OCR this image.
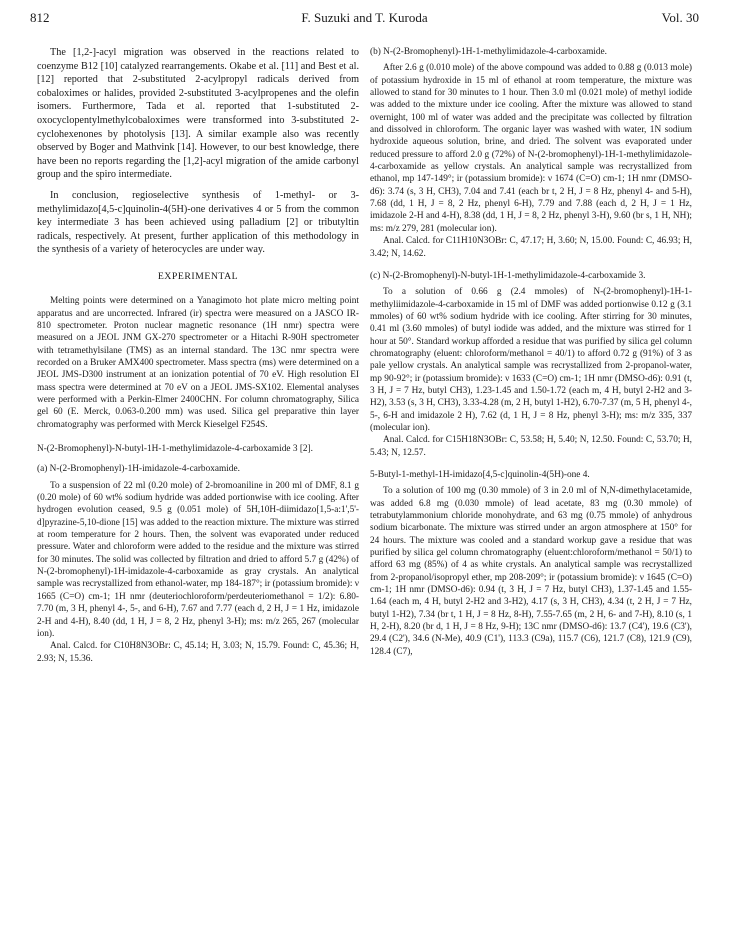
812	F. Suzuki and T. Kuroda	Vol. 30

The [1,2-]-acyl migration was observed in the reactions related to coenzyme B12 [10] catalyzed rearrangements. Okabe et al. [11] and Best et al. [12] reported that 2-substituted 2-acylpropyl radicals derived from cobaloximes or halides, provided 2-substituted 3-acylpropenes and the olefin isomers. Furthermore, Tada et al. reported that 1-substituted 2-oxocyclopentylmethylcobaloximes were transformed into 3-substituted 2-cyclohexenones by photolysis [13]. A similar example also was recently observed by Boger and Mathvink [14]. However, to our best knowledge, there have been no reports regarding the [1,2]-acyl migration of the amide carbonyl group and the spiro intermediate.

In conclusion, regioselective synthesis of 1-methyl- or 3-methylimidazo[4,5-c]quinolin-4(5H)-one derivatives 4 or 5 from the common key intermediate 3 has been achieved using palladium [2] or tributyltin radicals, respectively. At present, further application of this methodology in the synthesis of a variety of heterocycles are under way.

EXPERIMENTAL

Melting points were determined on a Yanagimoto hot plate micro melting point apparatus and are uncorrected. Infrared (ir) spectra were measured on a JASCO IR-810 spectrometer. Proton nuclear magnetic resonance (1H nmr) spectra were measured on a JEOL JNM GX-270 spectrometer or a Hitachi R-90H spectrometer with tetramethylsilane (TMS) as an internal standard. The 13C nmr spectra were recorded on a Bruker AMX400 spectrometer. Mass spectra (ms) were determined on a JEOL JMS-D300 instrument at an ionization potential of 70 eV. High resolution EI mass spectra were determined at 70 eV on a JEOL JMS-SX102. Elemental analyses were performed with a Perkin-Elmer 2400CHN. For column chromatography, Silica gel 60 (E. Merck, 0.063-0.200 mm) was used. Silica gel preparative thin layer chromatography was performed with Merck Kieselgel F254S.

N-(2-Bromophenyl)-N-butyl-1H-1-methylimidazole-4-carboxamide 3 [2].

(a) N-(2-Bromophenyl)-1H-imidazole-4-carboxamide.

To a suspension of 22 ml (0.20 mole) of 2-bromoaniline in 200 ml of DMF, 8.1 g (0.20 mole) of 60 wt% sodium hydride was added portionwise with ice cooling. After hydrogen evolution ceased, 9.5 g (0.051 mole) of 5H,10H-diimidazo[1,5-a:1',5'-d]pyrazine-5,10-dione [15] was added to the reaction mixture. The mixture was stirred at room temperature for 2 hours. Then, the solvent was evaporated under reduced pressure. Water and chloroform were added to the residue and the mixture was stirred for 30 minutes. The solid was collected by filtration and dried to afford 5.7 g (42%) of N-(2-bromophenyl)-1H-imidazole-4-carboxamide as gray crystals. An analytical sample was recrystallized from ethanol-water, mp 184-187°; ir (potassium bromide): ν 1665 (C=O) cm-1; 1H nmr (deuteriochloroform/perdeuteriomethanol = 1/2): 6.80-7.70 (m, 3 H, phenyl 4-, 5-, and 6-H), 7.67 and 7.77 (each d, 2 H, J = 1 Hz, imidazole 2-H and 4-H), 8.40 (dd, 1 H, J = 8, 2 Hz, phenyl 3-H); ms: m/z 265, 267 (molecular ion).

Anal. Calcd. for C10H8N3OBr: C, 45.14; H, 3.03; N, 15.79. Found: C, 45.36; H, 2.93; N, 15.36.

(b) N-(2-Bromophenyl)-1H-1-methylimidazole-4-carboxamide.

After 2.6 g (0.010 mole) of the above compound was added to 0.88 g (0.013 mole) of potassium hydroxide in 15 ml of ethanol at room temperature, the mixture was allowed to stand for 30 minutes to 1 hour. Then 3.0 ml (0.021 mole) of methyl iodide was added to the mixture under ice cooling. After the mixture was allowed to stand overnight, 100 ml of water was added and the precipitate was collected by filtration and dissolved in chloroform. The organic layer was washed with water, 1N sodium hydroxide aqueous solution, brine, and dried. The solvent was evaporated under reduced pressure to afford 2.0 g (72%) of N-(2-bromophenyl)-1H-1-methylimidazole-4-carboxamide as yellow crystals. An analytical sample was recrystallized from ethanol, mp 147-149°; ir (potassium bromide): ν 1674 (C=O) cm-1; 1H nmr (DMSO-d6): 3.74 (s, 3 H, CH3), 7.04 and 7.41 (each br t, 2 H, J = 8 Hz, phenyl 4- and 5-H), 7.68 (dd, 1 H, J = 8, 2 Hz, phenyl 6-H), 7.79 and 7.88 (each d, 2 H, J = 1 Hz, imidazole 2-H and 4-H), 8.38 (dd, 1 H, J = 8, 2 Hz, phenyl 3-H), 9.60 (br s, 1 H, NH); ms: m/z 279, 281 (molecular ion).

Anal. Calcd. for C11H10N3OBr: C, 47.17; H, 3.60; N, 15.00. Found: C, 46.93; H, 3.42; N, 14.62.

(c) N-(2-Bromophenyl)-N-butyl-1H-1-methylimidazole-4-carboxamide 3.

To a solution of 0.66 g (2.4 mmoles) of N-(2-bromophenyl)-1H-1-methyliimidazole-4-carboxamide in 15 ml of DMF was added portionwise 0.12 g (3.1 mmoles) of 60 wt% sodium hydride with ice cooling. After stirring for 30 minutes, 0.41 ml (3.60 mmoles) of butyl iodide was added, and the mixture was stirred for 1 hour at 50°. Standard workup afforded a residue that was purified by silica gel column chromatography (eluent: chloroform/methanol = 40/1) to afford 0.72 g (91%) of 3 as pale yellow crystals. An analytical sample was recrystallized from 2-propanol-water, mp 90-92°; ir (potassium bromide): ν 1633 (C=O) cm-1; 1H nmr (DMSO-d6): 0.91 (t, 3 H, J = 7 Hz, butyl CH3), 1.23-1.45 and 1.50-1.72 (each m, 4 H, butyl 2-H2 and 3-H2), 3.53 (s, 3 H, CH3), 3.33-4.28 (m, 2 H, butyl 1-H2), 6.70-7.37 (m, 5 H, phenyl 4-, 5-, 6-H and imidazole 2 H), 7.62 (d, 1 H, J = 8 Hz, phenyl 3-H); ms: m/z 335, 337 (molecular ion).

Anal. Calcd. for C15H18N3OBr: C, 53.58; H, 5.40; N, 12.50. Found: C, 53.70; H, 5.43; N, 12.57.

5-Butyl-1-methyl-1H-imidazo[4,5-c]quinolin-4(5H)-one 4.

To a solution of 100 mg (0.30 mmole) of 3 in 2.0 ml of N,N-dimethylacetamide, was added 6.8 mg (0.030 mmole) of lead acetate, 83 mg (0.30 mmole) of tetrabutylammonium chloride monohydrate, and 63 mg (0.75 mmole) of anhydrous sodium bicarbonate. The mixture was stirred under an argon atmosphere at 150° for 24 hours. The mixture was cooled and a standard workup gave a residue that was purified by silica gel column chromatography (eluent:chloroform/methanol = 50/1) to afford 63 mg (85%) of 4 as white crystals. An analytical sample was recrystallized from 2-propanol/isopropyl ether, mp 208-209°; ir (potassium bromide): ν 1645 (C=O) cm-1; 1H nmr (DMSO-d6): 0.94 (t, 3 H, J = 7 Hz, butyl CH3), 1.37-1.45 and 1.55-1.64 (each m, 4 H, butyl 2-H2 and 3-H2), 4.17 (s, 3 H, CH3), 4.34 (t, 2 H, J = 7 Hz, butyl 1-H2), 7.34 (br t, 1 H, J = 8 Hz, 8-H), 7.55-7.65 (m, 2 H, 6- and 7-H), 8.10 (s, 1 H, 2-H), 8.20 (br d, 1 H, J = 8 Hz, 9-H); 13C nmr (DMSO-d6): 13.7 (C4'), 19.6 (C3'), 29.4 (C2'), 34.6 (N-Me), 40.9 (C1'), 113.3 (C9a), 115.7 (C6), 121.7 (C8), 121.9 (C9), 128.4 (C7),
